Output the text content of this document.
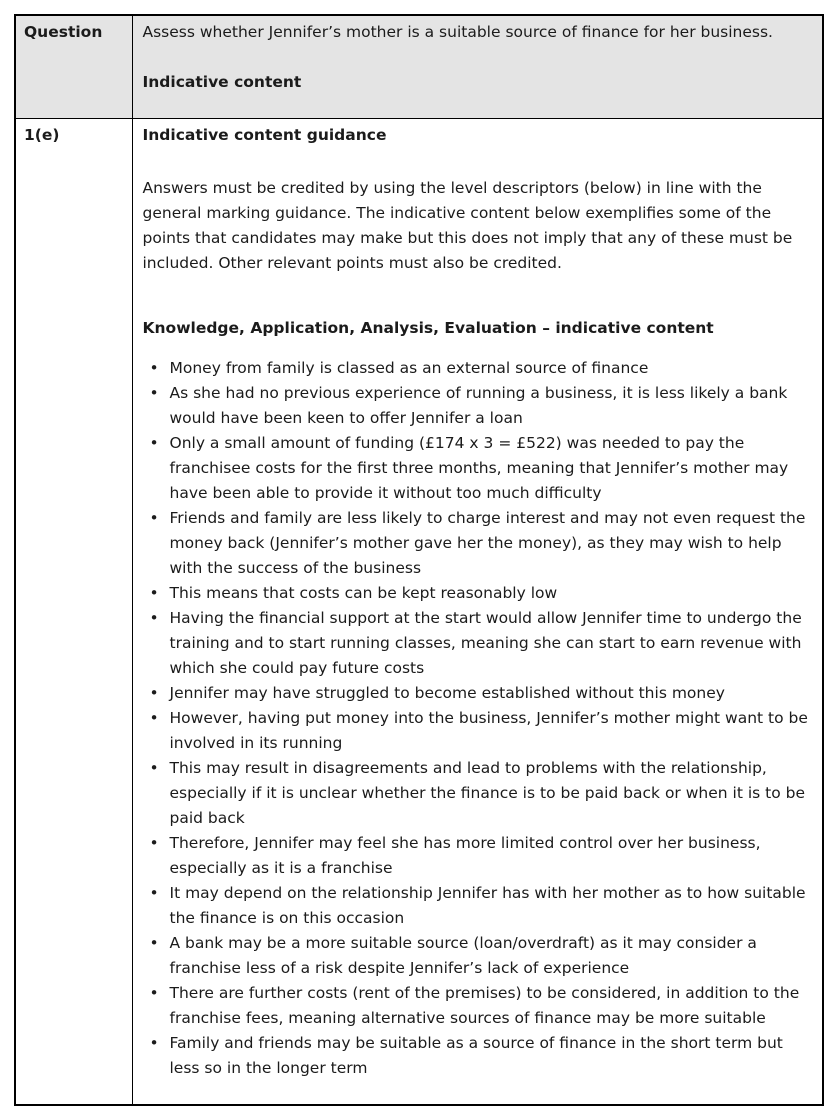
Question	Assess whether Jennifer’s mother is a suitable source of finance for her business.

Indicative content

1(e)	Indicative content guidance

Answers must be credited by using the level descriptors (below) in line with the general marking guidance. The indicative content below exemplifies some of the points that candidates may make but this does not imply that any of these must be included. Other relevant points must also be credited.

Knowledge, Application, Analysis, Evaluation – indicative content

• Money from family is classed as an external source of finance
• As she had no previous experience of running a business, it is less likely a bank would have been keen to offer Jennifer a loan
• Only a small amount of funding (£174 x 3 = £522) was needed to pay the franchisee costs for the first three months, meaning that Jennifer’s mother may have been able to provide it without too much difficulty
• Friends and family are less likely to charge interest and may not even request the money back (Jennifer’s mother gave her the money), as they may wish to help with the success of the business
• This means that costs can be kept reasonably low
• Having the financial support at the start would allow Jennifer time to undergo the training and to start running classes, meaning she can start to earn revenue with which she could pay future costs
• Jennifer may have struggled to become established without this money
• However, having put money into the business, Jennifer’s mother might want to be involved in its running
• This may result in disagreements and lead to problems with the relationship, especially if it is unclear whether the finance is to be paid back or when it is to be paid back
• Therefore, Jennifer may feel she has more limited control over her business, especially as it is a franchise
• It may depend on the relationship Jennifer has with her mother as to how suitable the finance is on this occasion
• A bank may be a more suitable source (loan/overdraft) as it may consider a franchise less of a risk despite Jennifer’s lack of experience
• There are further costs (rent of the premises) to be considered, in addition to the franchise fees, meaning alternative sources of finance may be more suitable
• Family and friends may be suitable as a source of finance in the short term but less so in the longer term
